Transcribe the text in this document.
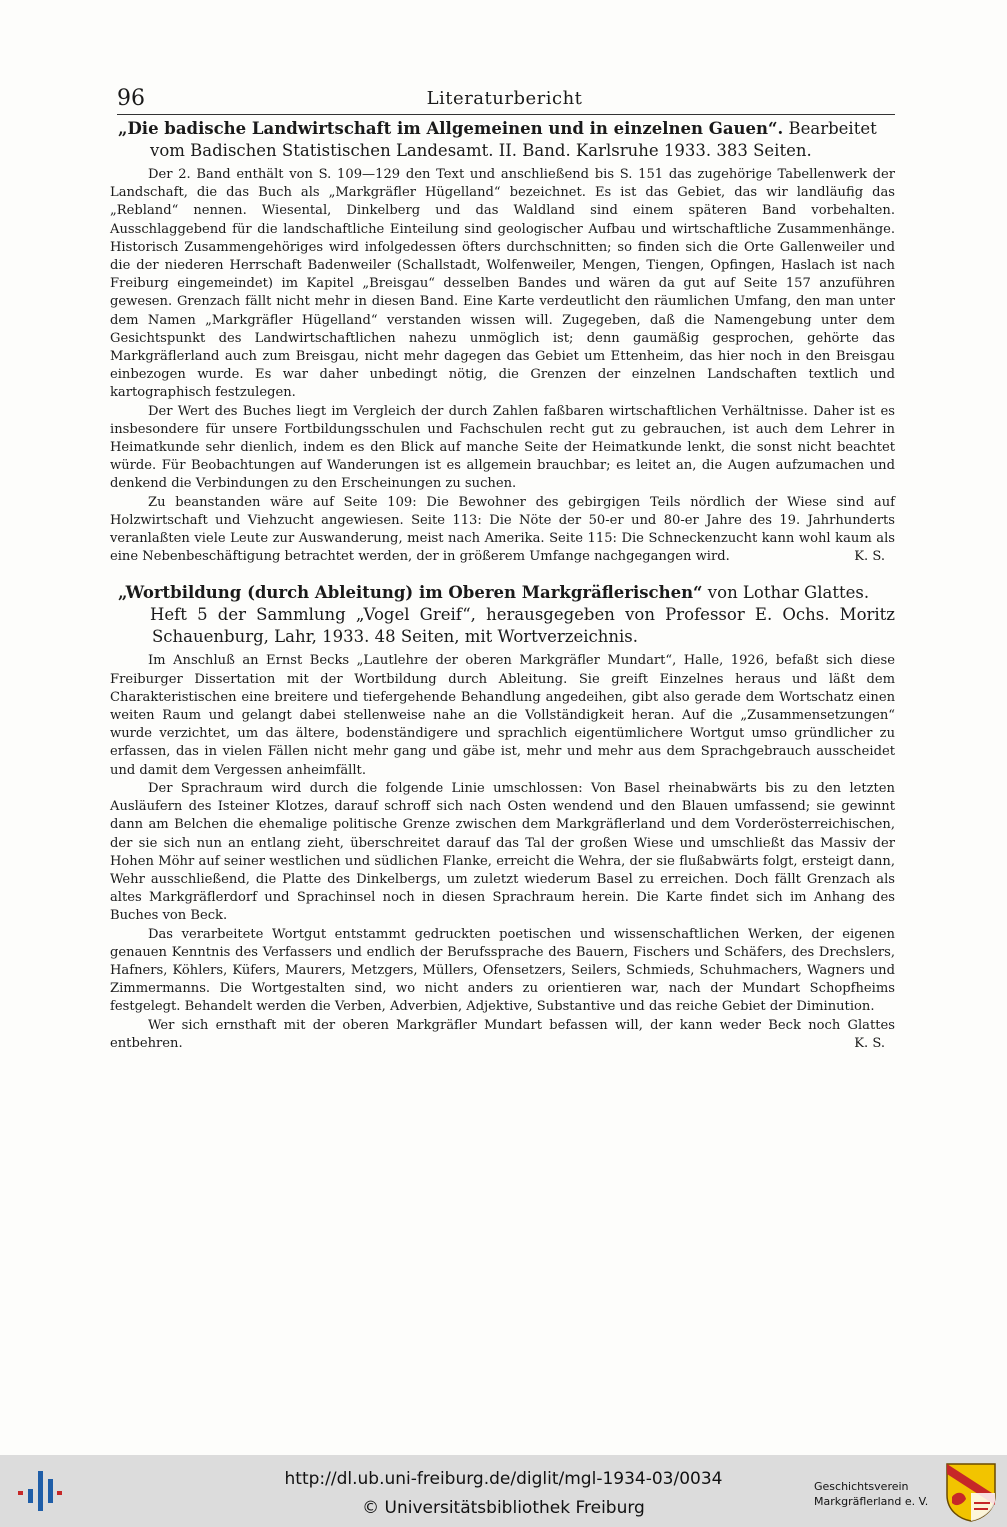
96	Literaturbericht
„Die badische Landwirtschaft im Allgemeinen und in einzelnen Gauen“. Bearbeitet
vom Badischen Statistischen Landesamt. II. Band. Karlsruhe 1933. 383 Seiten.

Der 2. Band enthält von S. 109—129 den Text und anschließend bis S. 151 das zugehörige Tabellenwerk der Landschaft, die das Buch als „Markgräfler Hügelland“ bezeichnet. Es ist das Gebiet, das wir landläufig das „Rebland“ nennen. Wiesental, Dinkelberg und das Waldland sind einem späteren Band vorbehalten. Ausschlaggebend für die landschaftliche Einteilung sind geologischer Aufbau und wirtschaftliche Zusammenhänge. Historisch Zusammengehöriges wird infolgedessen öfters durchschnitten; so finden sich die Orte Gallenweiler und die der niederen Herrschaft Badenweiler (Schallstadt, Wolfenweiler, Mengen, Tiengen, Opfingen, Haslach ist nach Freiburg eingemeindet) im Kapitel „Breisgau“ desselben Bandes und wären da gut auf Seite 157 anzuführen gewesen. Grenzach fällt nicht mehr in diesen Band. Eine Karte verdeutlicht den räumlichen Umfang, den man unter dem Namen „Markgräfler Hügelland“ verstanden wissen will. Zugegeben, daß die Namengebung unter dem Gesichtspunkt des Landwirtschaftlichen nahezu unmöglich ist; denn gaumäßig gesprochen, gehörte das Markgräflerland auch zum Breisgau, nicht mehr dagegen das Gebiet um Ettenheim, das hier noch in den Breisgau einbezogen wurde. Es war daher unbedingt nötig, die Grenzen der einzelnen Landschaften textlich und kartographisch festzulegen.

Der Wert des Buches liegt im Vergleich der durch Zahlen faßbaren wirtschaftlichen Verhältnisse. Daher ist es insbesondere für unsere Fortbildungsschulen und Fachschulen recht gut zu gebrauchen, ist auch dem Lehrer in Heimatkunde sehr dienlich, indem es den Blick auf manche Seite der Heimatkunde lenkt, die sonst nicht beachtet würde. Für Beobachtungen auf Wanderungen ist es allgemein brauchbar; es leitet an, die Augen aufzumachen und denkend die Verbindungen zu den Erscheinungen zu suchen.

Zu beanstanden wäre auf Seite 109: Die Bewohner des gebirgigen Teils nördlich der Wiese sind auf Holzwirtschaft und Viehzucht angewiesen. Seite 113: Die Nöte der 50-er und 80-er Jahre des 19. Jahrhunderts veranlaßten viele Leute zur Auswanderung, meist nach Amerika. Seite 115: Die Schneckenzucht kann wohl kaum als eine Nebenbeschäftigung betrachtet werden, der in größerem Umfange nachgegangen wird.	K. S.

„Wortbildung (durch Ableitung) im Oberen Markgräflerischen“ von Lothar Glattes.
Heft 5 der Sammlung „Vogel Greif“, herausgegeben von Professor E. Ochs. Moritz Schauenburg, Lahr, 1933. 48 Seiten, mit Wortverzeichnis.

Im Anschluß an Ernst Becks „Lautlehre der oberen Markgräfler Mundart“, Halle, 1926, befaßt sich diese Freiburger Dissertation mit der Wortbildung durch Ableitung. Sie greift Einzelnes heraus und läßt dem Charakteristischen eine breitere und tiefergehende Behandlung angedeihen, gibt also gerade dem Wortschatz einen weiten Raum und gelangt dabei stellenweise nahe an die Vollständigkeit heran. Auf die „Zusammensetzungen“ wurde verzichtet, um das ältere, bodenständigere und sprachlich eigentümlichere Wortgut umso gründlicher zu erfassen, das in vielen Fällen nicht mehr gang und gäbe ist, mehr und mehr aus dem Sprachgebrauch ausscheidet und damit dem Vergessen anheimfällt.

Der Sprachraum wird durch die folgende Linie umschlossen: Von Basel rheinabwärts bis zu den letzten Ausläufern des Isteiner Klotzes, darauf schroff sich nach Osten wendend und den Blauen umfassend; sie gewinnt dann am Belchen die ehemalige politische Grenze zwischen dem Markgräflerland und dem Vorderösterreichischen, der sie sich nun an entlang zieht, überschreitet darauf das Tal der großen Wiese und umschließt das Massiv der Hohen Möhr auf seiner westlichen und südlichen Flanke, erreicht die Wehra, der sie flußabwärts folgt, ersteigt dann, Wehr ausschließend, die Platte des Dinkelbergs, um zuletzt wiederum Basel zu erreichen. Doch fällt Grenzach als altes Markgräflerdorf und Sprachinsel noch in diesen Sprachraum herein. Die Karte findet sich im Anhang des Buches von Beck.

Das verarbeitete Wortgut entstammt gedruckten poetischen und wissenschaftlichen Werken, der eigenen genauen Kenntnis des Verfassers und endlich der Berufssprache des Bauern, Fischers und Schäfers, des Drechslers, Hafners, Köhlers, Küfers, Maurers, Metzgers, Müllers, Ofensetzers, Seilers, Schmieds, Schuhmachers, Wagners und Zimmermanns. Die Wortgestalten sind, wo nicht anders zu orientieren war, nach der Mundart Schopfheims festgelegt. Behandelt werden die Verben, Adverbien, Adjektive, Substantive und das reiche Gebiet der Diminution.

Wer sich ernsthaft mit der oberen Markgräfler Mundart befassen will, der kann weder Beck noch Glattes entbehren.	K. S.

http://dl.ub.uni-freiburg.de/diglit/mgl-1934-03/0034
© Universitätsbibliothek Freiburg
Geschichtsverein
Markgräflerland e. V.
